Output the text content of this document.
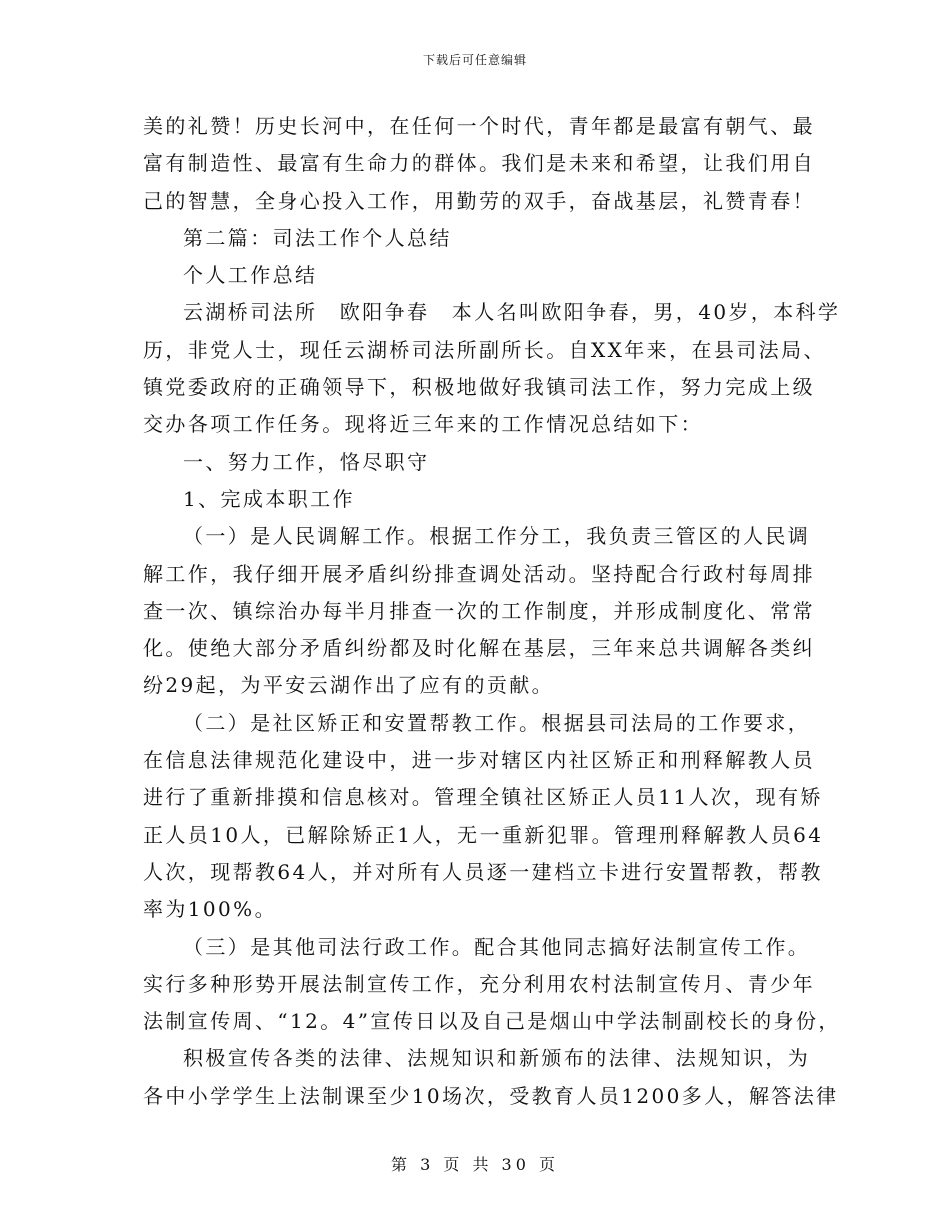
下载后可任意编辑
美的礼赞！历史长河中，在任何一个时代，青年都是最富有朝气、最
富有制造性、最富有生命力的群体。我们是未来和希望，让我们用自
己的智慧，全身心投入工作，用勤劳的双手，奋战基层，礼赞青春！
第二篇：司法工作个人总结
个人工作总结
云湖桥司法所　欧阳争春　本人名叫欧阳争春，男，40岁，本科学
历，非党人士，现任云湖桥司法所副所长。自XX年来，在县司法局、
镇党委政府的正确领导下，积极地做好我镇司法工作，努力完成上级
交办各项工作任务。现将近三年来的工作情况总结如下：
一、努力工作，恪尽职守
1、完成本职工作
（一）是人民调解工作。根据工作分工，我负责三管区的人民调
解工作，我仔细开展矛盾纠纷排查调处活动。坚持配合行政村每周排
查一次、镇综治办每半月排查一次的工作制度，并形成制度化、常常
化。使绝大部分矛盾纠纷都及时化解在基层，三年来总共调解各类纠
纷29起，为平安云湖作出了应有的贡献。
（二）是社区矫正和安置帮教工作。根据县司法局的工作要求，
在信息法律规范化建设中，进一步对辖区内社区矫正和刑释解教人员
进行了重新排摸和信息核对。管理全镇社区矫正人员11人次，现有矫
正人员10人，已解除矫正1人，无一重新犯罪。管理刑释解教人员64
人次，现帮教64人，并对所有人员逐一建档立卡进行安置帮教，帮教
率为100%。
（三）是其他司法行政工作。配合其他同志搞好法制宣传工作。
实行多种形势开展法制宣传工作，充分利用农村法制宣传月、青少年
法制宣传周、“12。4”宣传日以及自己是烟山中学法制副校长的身份，
积极宣传各类的法律、法规知识和新颁布的法律、法规知识，为
各中小学学生上法制课至少10场次，受教育人员1200多人，解答法律
第 3 页 共 30 页
